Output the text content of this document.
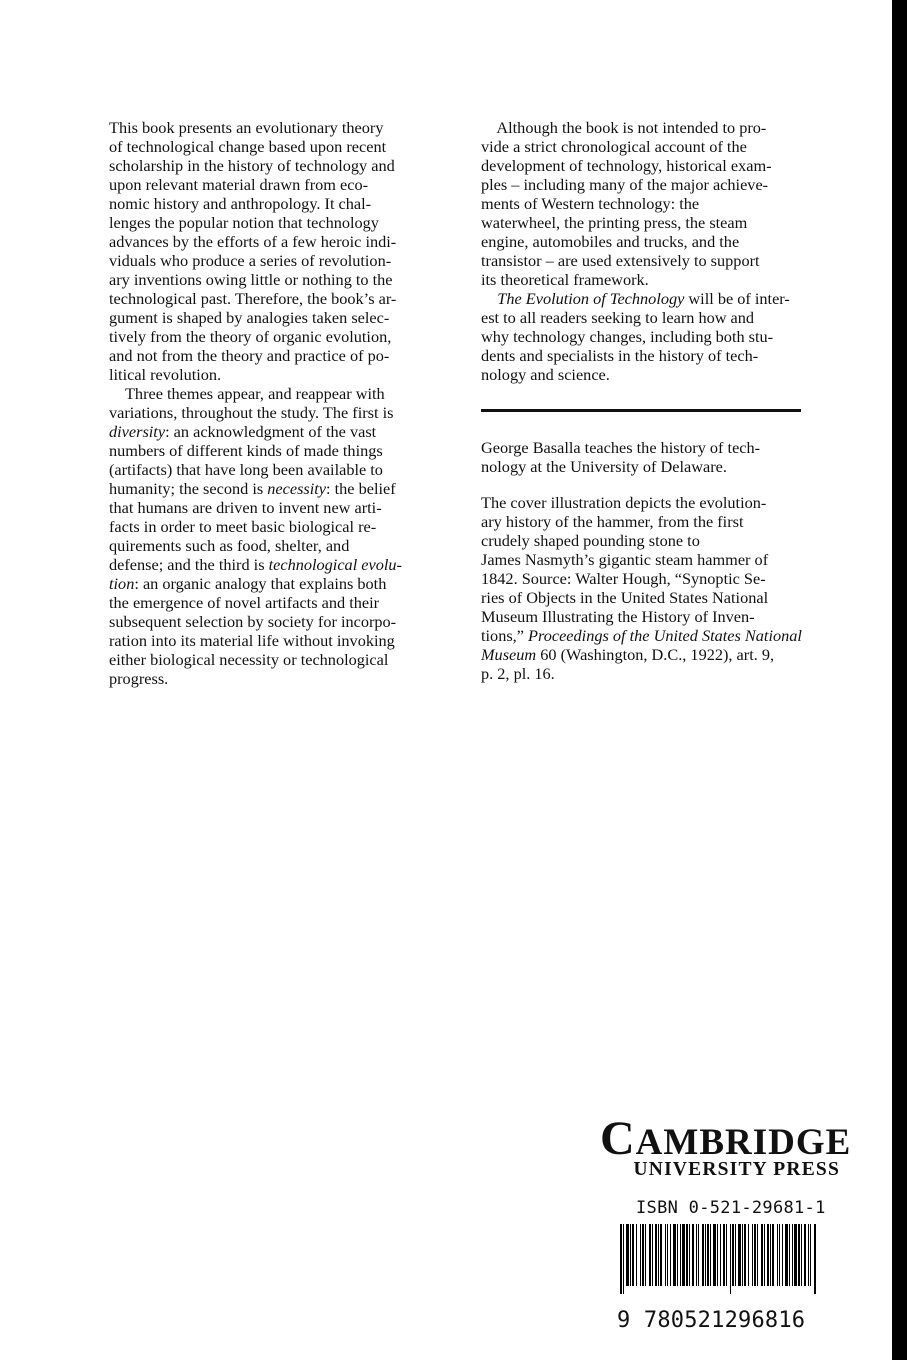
This book presents an evolutionary theory

of technological change based upon recent

scholarship in the history of technology and

upon relevant material drawn from eco-

nomic history and anthropology. It chal-

lenges the popular notion that technology

advances by the efforts of a few heroic indi-

viduals who produce a series of revolution-

ary inventions owing little or nothing to the

technological past. Therefore, the book’s ar-

gument is shaped by analogies taken selec-

tively from the theory of organic evolution,

and not from the theory and practice of po-

litical revolution.

Three themes appear, and reappear with

variations, throughout the study. The first is

diversity: an acknowledgment of the vast

numbers of different kinds of made things

(artifacts) that have long been available to

humanity; the second is necessity: the belief

that humans are driven to invent new arti-

facts in order to meet basic biological re-

quirements such as food, shelter, and

defense; and the third is technological evolu-

tion: an organic analogy that explains both

the emergence of novel artifacts and their

subsequent selection by society for incorpo-

ration into its material life without invoking

either biological necessity or technological

progress.

Although the book is not intended to pro-

vide a strict chronological account of the

development of technology, historical exam-

ples – including many of the major achieve-

ments of Western technology: the

waterwheel, the printing press, the steam

engine, automobiles and trucks, and the

transistor – are used extensively to support

its theoretical framework.

The Evolution of Technology will be of inter-

est to all readers seeking to learn how and

why technology changes, including both stu-

dents and specialists in the history of tech-

nology and science.

George Basalla teaches the history of tech-

nology at the University of Delaware.

The cover illustration depicts the evolution-

ary history of the hammer, from the first

crudely shaped pounding stone to

James Nasmyth’s gigantic steam hammer of

1842. Source: Walter Hough, “Synoptic Se-

ries of Objects in the United States National

Museum Illustrating the History of Inven-

tions,” Proceedings of the United States National

Museum 60 (Washington, D.C., 1922), art. 9,

p. 2, pl. 16.

CAMBRIDGE

UNIVERSITY PRESS

ISBN 0-521-29681-1

9 780521296816
